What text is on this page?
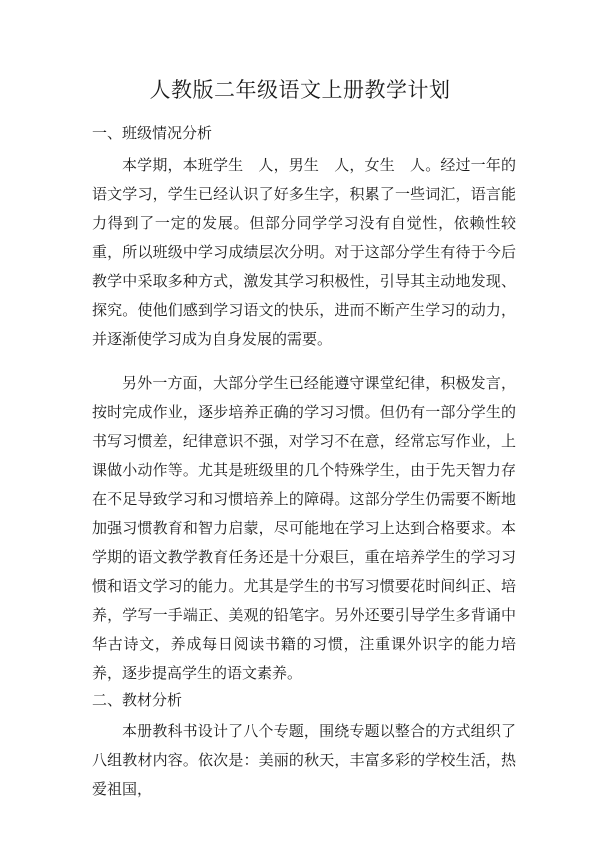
人教版二年级语文上册教学计划
一、班级情况分析
本学期，本班学生　人，男生　人，女生　人。经过一年的语文学习，学生已经认识了好多生字，积累了一些词汇，语言能力得到了一定的发展。但部分同学学习没有自觉性，依赖性较重，所以班级中学习成绩层次分明。对于这部分学生有待于今后教学中采取多种方式，激发其学习积极性，引导其主动地发现、探究。使他们感到学习语文的快乐，进而不断产生学习的动力，并逐渐使学习成为自身发展的需要。
另外一方面，大部分学生已经能遵守课堂纪律，积极发言，按时完成作业，逐步培养正确的学习习惯。但仍有一部分学生的书写习惯差，纪律意识不强，对学习不在意，经常忘写作业，上课做小动作等。尤其是班级里的几个特殊学生，由于先天智力存在不足导致学习和习惯培养上的障碍。这部分学生仍需要不断地加强习惯教育和智力启蒙，尽可能地在学习上达到合格要求。本学期的语文教学教育任务还是十分艰巨，重在培养学生的学习习惯和语文学习的能力。尤其是学生的书写习惯要花时间纠正、培养，学写一手端正、美观的铅笔字。另外还要引导学生多背诵中华古诗文，养成每日阅读书籍的习惯，注重课外识字的能力培养，逐步提高学生的语文素养。
二、教材分析
本册教科书设计了八个专题，围绕专题以整合的方式组织了八组教材内容。依次是：美丽的秋天，丰富多彩的学校生活，热爱祖国，
